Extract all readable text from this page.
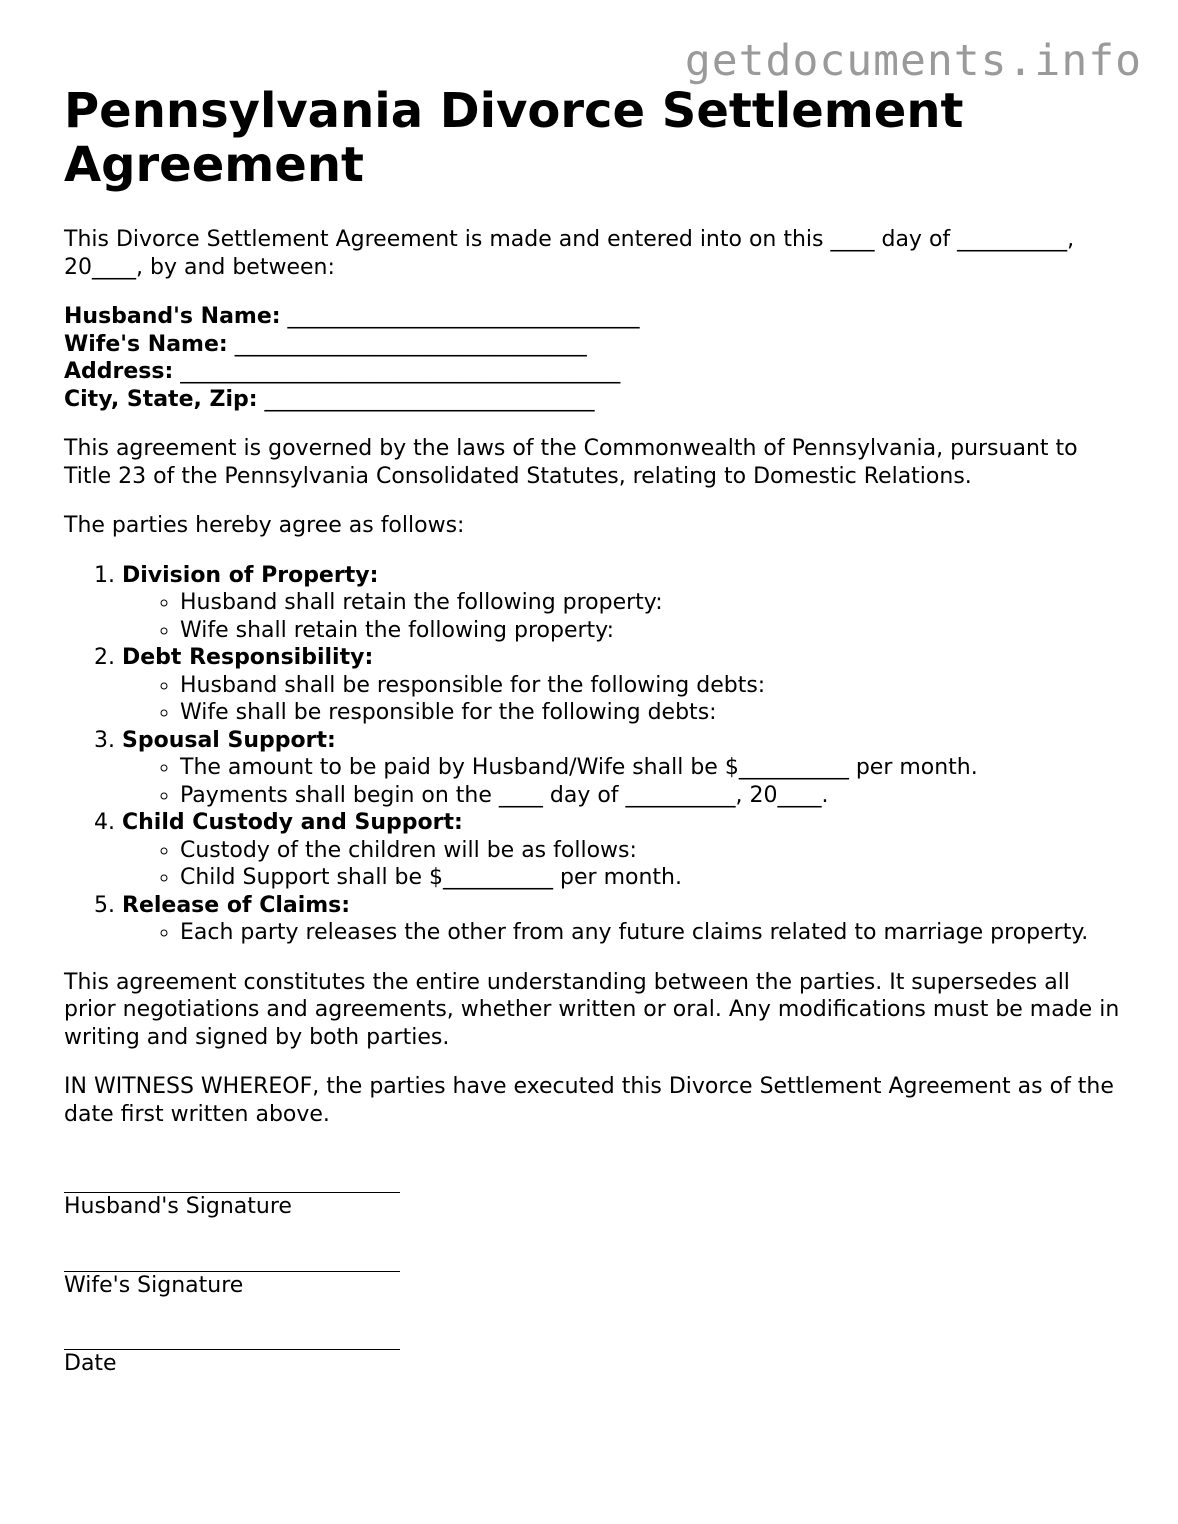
getdocuments.info
Pennsylvania Divorce Settlement Agreement

This Divorce Settlement Agreement is made and entered into on this ____ day of __________, 20____, by and between:

Husband's Name: ________________________________
Wife's Name: ________________________________
Address: ________________________________________
City, State, Zip: ______________________________

This agreement is governed by the laws of the Commonwealth of Pennsylvania, pursuant to Title 23 of the Pennsylvania Consolidated Statutes, relating to Domestic Relations.

The parties hereby agree as follows:

1. Division of Property:
◦ Husband shall retain the following property:
◦ Wife shall retain the following property:
2. Debt Responsibility:
◦ Husband shall be responsible for the following debts:
◦ Wife shall be responsible for the following debts:
3. Spousal Support:
◦ The amount to be paid by Husband/Wife shall be $__________ per month.
◦ Payments shall begin on the ____ day of __________, 20____.
4. Child Custody and Support:
◦ Custody of the children will be as follows:
◦ Child Support shall be $__________ per month.
5. Release of Claims:
◦ Each party releases the other from any future claims related to marriage property.

This agreement constitutes the entire understanding between the parties. It supersedes all prior negotiations and agreements, whether written or oral. Any modifications must be made in writing and signed by both parties.

IN WITNESS WHEREOF, the parties have executed this Divorce Settlement Agreement as of the date first written above.

Husband's Signature
Wife's Signature
Date
